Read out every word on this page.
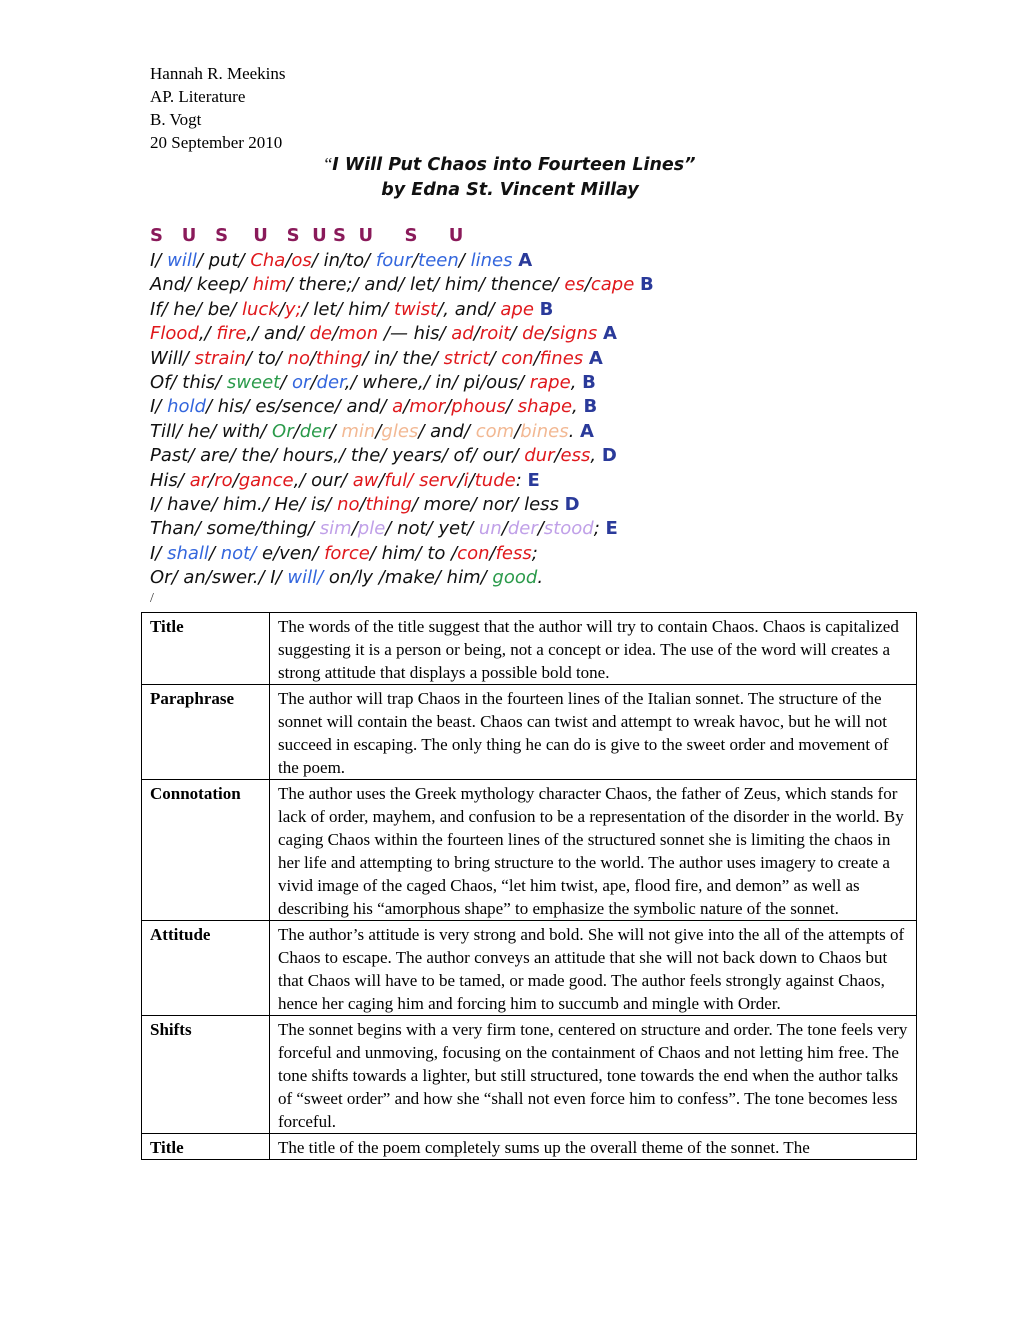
Hannah R. Meekins
AP. Literature
B. Vogt
20 September 2010
“I Will Put Chaos into Fourteen Lines”
by Edna St. Vincent Millay
S   U   S    U   S  U S  U     S     U
I/ will/ put/ Cha/os/ in/to/ four/teen/ lines A
And/ keep/ him/ there;/ and/ let/ him/ thence/ es/cape B
If/ he/ be/ luck/y;/ let/ him/ twist/, and/ ape B
Flood,/ fire,/ and/ de/mon /— his/ ad/roit/ de/signs A
Will/ strain/ to/ no/thing/ in/ the/ strict/ con/fines A
Of/ this/ sweet/ or/der,/ where,/ in/ pi/ous/ rape, B
I/ hold/ his/ es/sence/ and/ a/mor/phous/ shape, B
Till/ he/ with/ Or/der/ min/gles/ and/ com/bines. A
Past/ are/ the/ hours,/ the/ years/ of/ our/ dur/ess, D
His/ ar/ro/gance,/ our/ aw/ful/ serv/i/tude: E
I/ have/ him./ He/ is/ no/thing/ more/ nor/ less D
Than/ some/thing/ sim/ple/ not/ yet/ un/der/stood; E
I/ shall/ not/ e/ven/ force/ him/ to /con/fess;
Or/ an/swer./ I/ will/ on/ly /make/ him/ good.
/
Title	The words of the title suggest that the author will try to contain Chaos. Chaos is capitalized suggesting it is a person or being, not a concept or idea. The use of the word will creates a strong attitude that displays a possible bold tone.

Paraphrase	The author will trap Chaos in the fourteen lines of the Italian sonnet. The structure of the sonnet will contain the beast. Chaos can twist and attempt to wreak havoc, but he will not succeed in escaping. The only thing he can do is give to the sweet order and movement of the poem.

Connotation	The author uses the Greek mythology character Chaos, the father of Zeus, which stands for lack of order, mayhem, and confusion to be a representation of the disorder in the world. By caging Chaos within the fourteen lines of the structured sonnet she is limiting the chaos in her life and attempting to bring structure to the world. The author uses imagery to create a vivid image of the caged Chaos, “let him twist, ape, flood fire, and demon” as well as describing his “amorphous shape” to emphasize the symbolic nature of the sonnet.

Attitude	The author’s attitude is very strong and bold. She will not give into the all of the attempts of Chaos to escape. The author conveys an attitude that she will not back down to Chaos but that Chaos will have to be tamed, or made good. The author feels strongly against Chaos, hence her caging him and forcing him to succumb and mingle with Order.

Shifts	The sonnet begins with a very firm tone, centered on structure and order. The tone feels very forceful and unmoving, focusing on the containment of Chaos and not letting him free. The tone shifts towards a lighter, but still structured, tone towards the end when the author talks of “sweet order” and how she “shall not even force him to confess”. The tone becomes less forceful.

Title	The title of the poem completely sums up the overall theme of the sonnet. The
